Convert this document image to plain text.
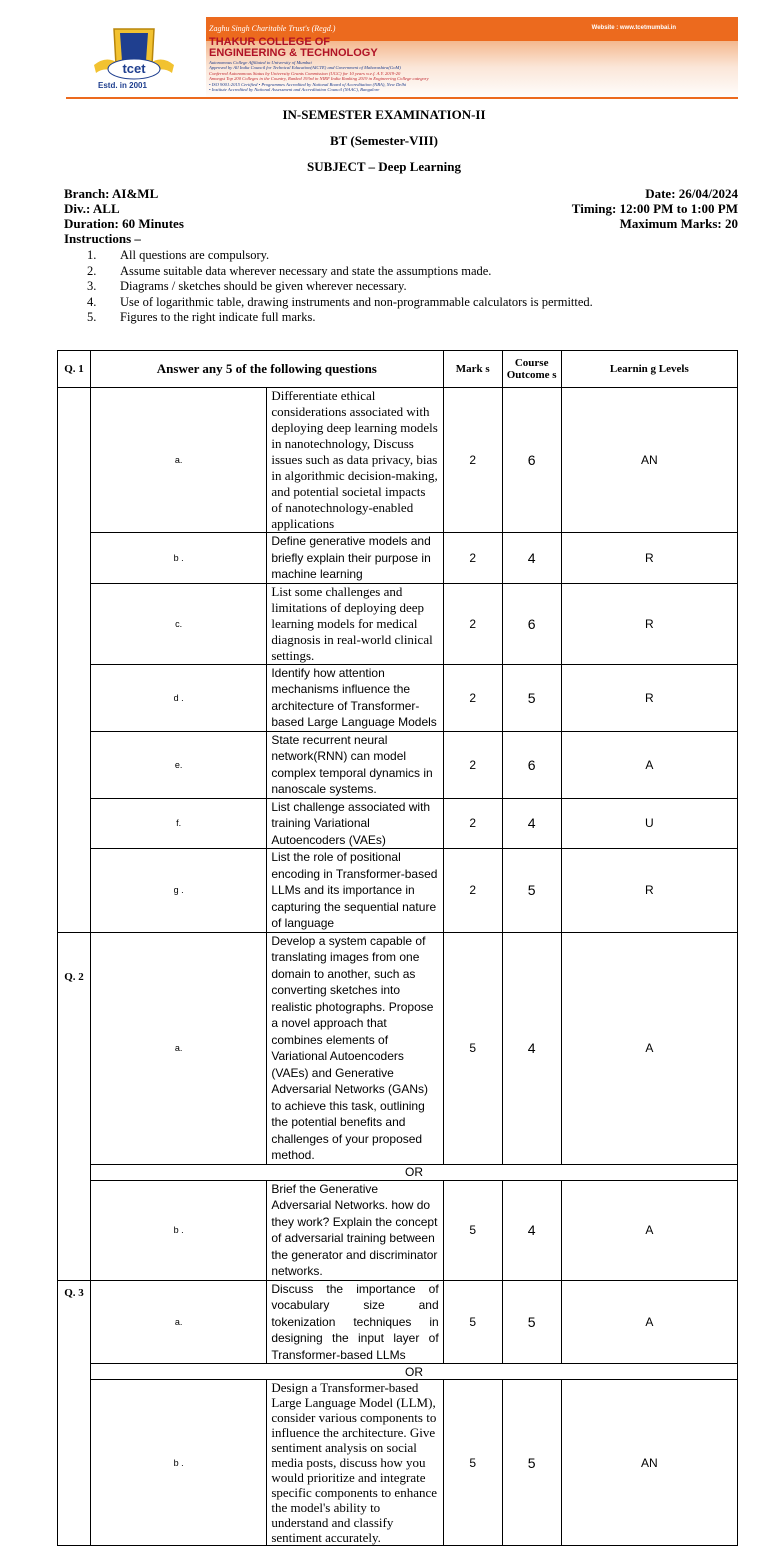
tcet
Estd. in 2001
Zaghu Singh Charitable Trust's (Regd.)	Website : www.tcetmumbai.in
THAKUR COLLEGE OF
ENGINEERING & TECHNOLOGY
Autonomous College Affiliated to University of Mumbai
Approved by All India Council for Technical Education(AICTE) and Government of Maharashtra(GoM)
Conferred Autonomous Status by University Grants Commission (UGC) for 10 years w.e.f. A.Y. 2019-20
Amongst Top 200 Colleges in the Country, Ranked 193rd in NIRF India Ranking 2019 in Engineering College category
• ISO 9001:2015 Certified • Programmes Accredited by National Board of Accreditation (NBA), New Delhi
• Institute Accredited by National Assessment and Accreditation Council (NAAC), Bangalore
IN-SEMESTER EXAMINATION-II
BT (Semester-VIII)
SUBJECT – Deep Learning
Branch: AI&ML
Div.: ALL
Duration: 60 Minutes
Instructions –
Date: 26/04/2024
Timing: 12:00 PM to 1:00 PM
Maximum Marks: 20
1.	All questions are compulsory.
2.	Assume suitable data wherever necessary and state the assumptions made.
3.	Diagrams / sketches should be given wherever necessary.
4.	Use of logarithmic table, drawing instruments and non-programmable calculators is permitted.
5.	Figures to the right indicate full marks.
Q. 1	Answer any 5 of the following questions		Mark s	Course Outcome s	Learnin g Levels
	a.	Differentiate ethical considerations associated with deploying deep learning models in nanotechnology, Discuss issues such as data privacy, bias in algorithmic decision-making, and potential societal impacts of nanotechnology-enabled applications	2	6	AN
	b .	Define generative models and briefly explain their purpose in machine learning	2	4	R
	c.	List some challenges and limitations of deploying deep learning models for medical diagnosis in real-world clinical settings.	2	6	R
	d .	Identify how attention mechanisms influence the architecture of Transformer-based Large Language Models	2	5	R
	e.	State recurrent neural network(RNN) can model complex temporal dynamics in nanoscale systems.	2	6	A
	f.	List challenge associated with training Variational Autoencoders (VAEs)	2	4	U
	g .	List the role of positional encoding in Transformer-based LLMs and its importance in capturing the sequential nature of language	2	5	R
Q. 2	a.	Develop a system capable of translating images from one domain to another, such as converting sketches into realistic photographs. Propose a novel approach that combines elements of Variational Autoencoders (VAEs) and Generative Adversarial Networks (GANs) to achieve this task, outlining the potential benefits and challenges of your proposed method.	5	4	A
	OR				
	b .	Brief the Generative Adversarial Networks. how do they work? Explain the concept of adversarial training between the generator and discriminator networks.	5	4	A
Q. 3	a.	Discuss the importance of vocabulary size and tokenization techniques in designing the input layer of Transformer-based LLMs	5	5	A
	OR				
	b .	Design a Transformer-based Large Language Model (LLM), consider various components to influence the architecture. Give sentiment analysis on social media posts, discuss how you would prioritize and integrate specific components to enhance the model's ability to understand and classify sentiment accurately.	5	5	AN
